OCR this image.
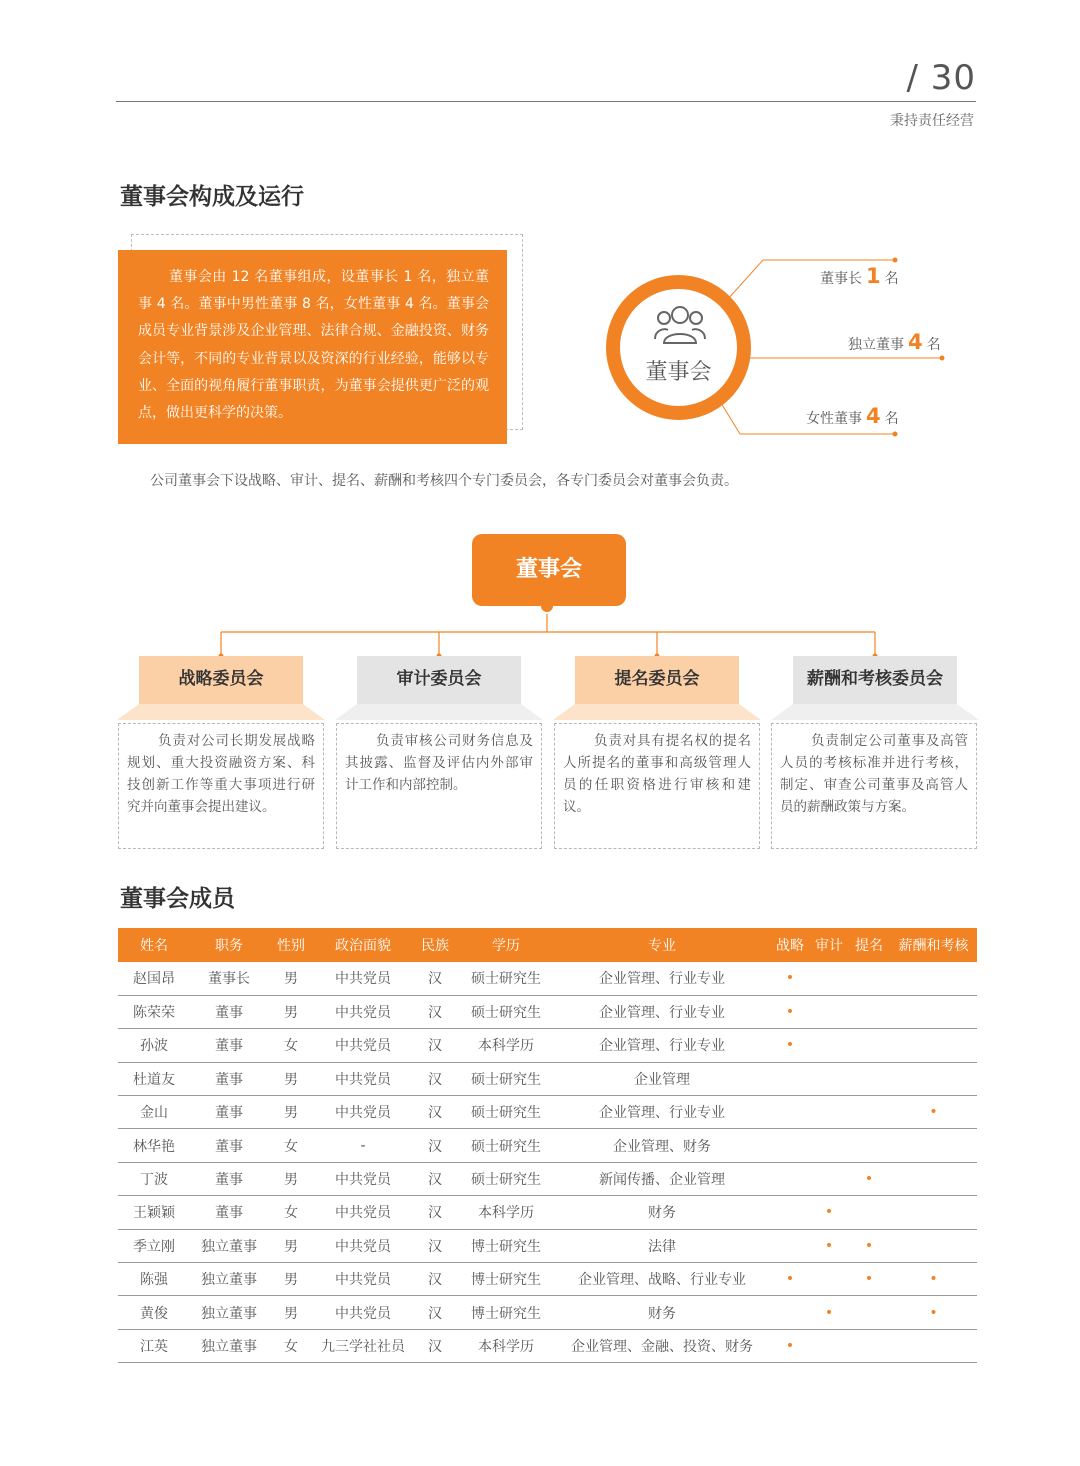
/ 30
秉持责任经营
董事会构成及运行
董事会由 12 名董事组成，设董事长 1 名，独立董事 4 名。董事中男性董事 8 名，女性董事 4 名。董事会成员专业背景涉及企业管理、法律合规、金融投资、财务会计等，不同的专业背景以及资深的行业经验，能够以专业、全面的视角履行董事职责，为董事会提供更广泛的观点，做出更科学的决策。
董事会
董事长 1 名
独立董事 4 名
女性董事 4 名
公司董事会下设战略、审计、提名、薪酬和考核四个专门委员会，各专门委员会对董事会负责。
董事会
战略委员会	审计委员会	提名委员会	薪酬和考核委员会
负责对公司长期发展战略规划、重大投资融资方案、科技创新工作等重大事项进行研究并向董事会提出建议。
负责审核公司财务信息及其披露、监督及评估内外部审计工作和内部控制。
负责对具有提名权的提名人所提名的董事和高级管理人员的任职资格进行审核和建议。
负责制定公司董事及高管人员的考核标准并进行考核，制定、审查公司董事及高管人员的薪酬政策与方案。
董事会成员
姓名	职务	性别	政治面貌	民族	学历	专业	战略	审计	提名	薪酬和考核
赵国昂	董事长	男	中共党员	汉	硕士研究生	企业管理、行业专业	•			
陈荣荣	董事	男	中共党员	汉	硕士研究生	企业管理、行业专业	•			
孙波	董事	女	中共党员	汉	本科学历	企业管理、行业专业	•			
杜道友	董事	男	中共党员	汉	硕士研究生	企业管理				
金山	董事	男	中共党员	汉	硕士研究生	企业管理、行业专业				•
林华艳	董事	女	-	汉	硕士研究生	企业管理、财务				
丁波	董事	男	中共党员	汉	硕士研究生	新闻传播、企业管理			•	
王颖颖	董事	女	中共党员	汉	本科学历	财务		•		
季立刚	独立董事	男	中共党员	汉	博士研究生	法律		•	•	
陈强	独立董事	男	中共党员	汉	博士研究生	企业管理、战略、行业专业	•		•	•
黄俊	独立董事	男	中共党员	汉	博士研究生	财务		•		•
江英	独立董事	女	九三学社社员	汉	本科学历	企业管理、金融、投资、财务	•			
